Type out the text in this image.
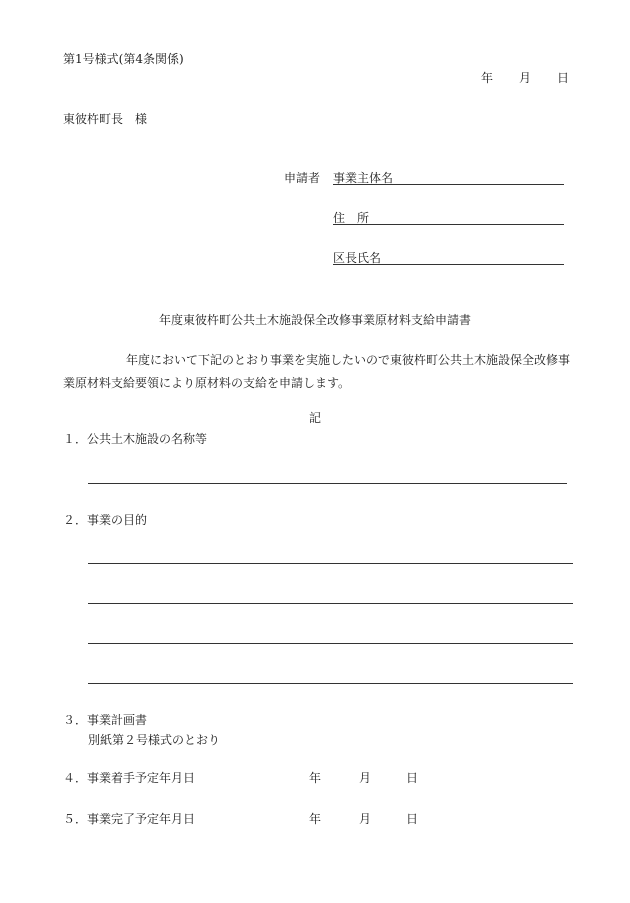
第1号様式(第4条関係)
年 月 日
東彼杵町長　様
申請者 事業主体名
住　所
区長氏名
年度東彼杵町公共土木施設保全改修事業原材料支給申請書
年度において下記のとおり事業を実施したいので東彼杵町公共土木施設保全改修事業原材料支給要領により原材料の支給を申請します。
記
１．公共土木施設の名称等
２．事業の目的
３．事業計画書
別紙第２号様式のとおり
４．事業着手予定年月日	年	月	日
５．事業完了予定年月日	年	月	日
